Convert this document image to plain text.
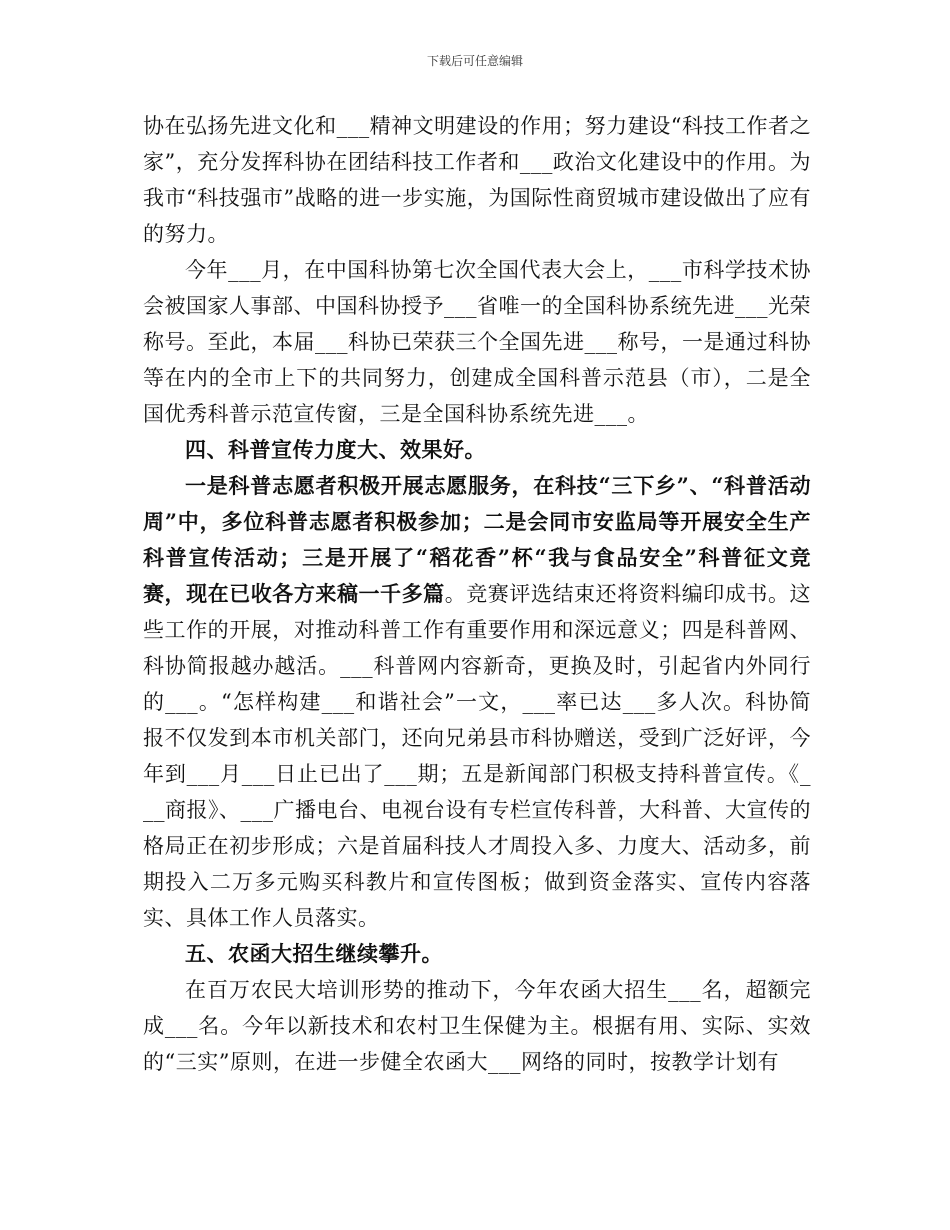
下载后可任意编辑

协在弘扬先进文化和___精神文明建设的作用；努力建设“科技工作者之家”，充分发挥科协在团结科技工作者和___政治文化建设中的作用。为我市“科技强市”战略的进一步实施，为国际性商贸城市建设做出了应有的努力。

今年___月，在中国科协第七次全国代表大会上，___市科学技术协会被国家人事部、中国科协授予___省唯一的全国科协系统先进___光荣称号。至此，本届___科协已荣获三个全国先进___称号，一是通过科协等在内的全市上下的共同努力，创建成全国科普示范县（市），二是全国优秀科普示范宣传窗，三是全国科协系统先进___。

四、科普宣传力度大、效果好。

一是科普志愿者积极开展志愿服务，在科技“三下乡”、“科普活动周”中，多位科普志愿者积极参加；二是会同市安监局等开展安全生产科普宣传活动；三是开展了“稻花香”杯“我与食品安全”科普征文竞赛，现在已收各方来稿一千多篇。竞赛评选结束还将资料编印成书。这些工作的开展，对推动科普工作有重要作用和深远意义；四是科普网、科协简报越办越活。___科普网内容新奇，更换及时，引起省内外同行的___。“怎样构建___和谐社会”一文，___率已达___多人次。科协简报不仅发到本市机关部门，还向兄弟县市科协赠送，受到广泛好评，今年到___月___日止已出了___期；五是新闻部门积极支持科普宣传。《___商报》、___广播电台、电视台设有专栏宣传科普，大科普、大宣传的格局正在初步形成；六是首届科技人才周投入多、力度大、活动多，前期投入二万多元购买科教片和宣传图板；做到资金落实、宣传内容落实、具体工作人员落实。

五、农函大招生继续攀升。

在百万农民大培训形势的推动下，今年农函大招生___名，超额完成___名。今年以新技术和农村卫生保健为主。根据有用、实际、实效的“三实”原则，在进一步健全农函大___网络的同时，按教学计划有
